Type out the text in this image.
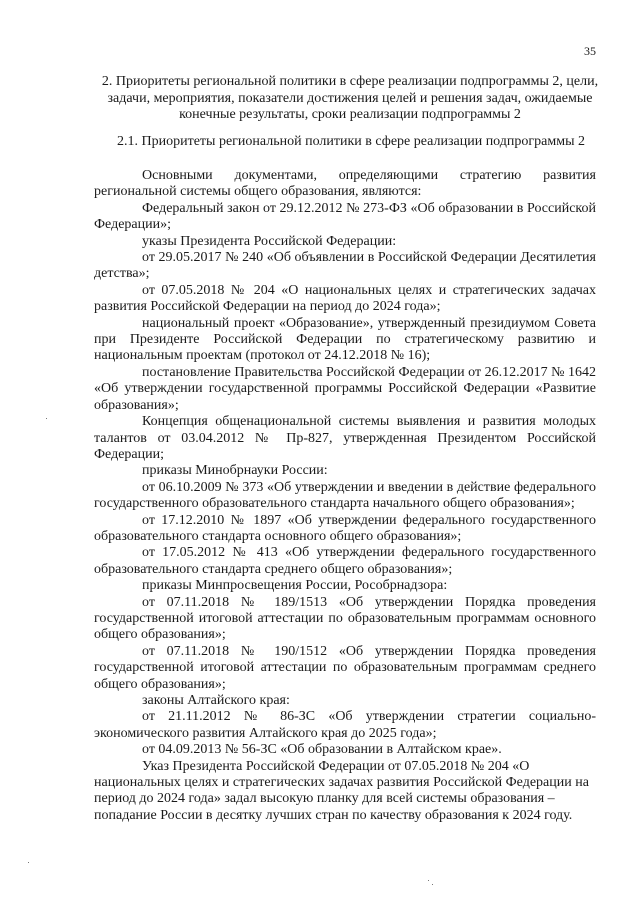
35
2. Приоритеты региональной политики в сфере реализации подпрограммы 2, цели, задачи, мероприятия, показатели достижения целей и решения задач, ожидаемые конечные результаты, сроки реализации подпрограммы 2
2.1. Приоритеты региональной политики в сфере реализации подпрограммы 2

Основными документами, определяющими стратегию развития региональной системы общего образования, являются:

Федеральный закон от 29.12.2012 № 273-ФЗ «Об образовании в Российской Федерации»;

указы Президента Российской Федерации:

от 29.05.2017 № 240 «Об объявлении в Российской Федерации Десятилетия детства»;

от 07.05.2018 № 204 «О национальных целях и стратегических задачах развития Российской Федерации на период до 2024 года»;

национальный проект «Образование», утвержденный президиумом Совета при Президенте Российской Федерации по стратегическому развитию и национальным проектам (протокол от 24.12.2018 № 16);

постановление Правительства Российской Федерации от 26.12.2017 № 1642 «Об утверждении государственной программы Российской Федерации «Развитие образования»;

Концепция общенациональной системы выявления и развития молодых талантов от 03.04.2012 № Пр-827, утвержденная Президентом Российской Федерации;

приказы Минобрнауки России:

от 06.10.2009 № 373 «Об утверждении и введении в действие федерального государственного образовательного стандарта начального общего образования»;

от 17.12.2010 № 1897 «Об утверждении федерального государственного образовательного стандарта основного общего образования»;

от 17.05.2012 № 413 «Об утверждении федерального государственного образовательного стандарта среднего общего образования»;

приказы Минпросвещения России, Рособрнадзора:

от 07.11.2018 № 189/1513 «Об утверждении Порядка проведения государственной итоговой аттестации по образовательным программам основного общего образования»;

от 07.11.2018 № 190/1512 «Об утверждении Порядка проведения государственной итоговой аттестации по образовательным программам среднего общего образования»;

законы Алтайского края:

от 21.11.2012 № 86-ЗС «Об утверждении стратегии социально-экономического развития Алтайского края до 2025 года»;

от 04.09.2013 № 56-ЗС «Об образовании в Алтайском крае».

Указ Президента Российской Федерации от 07.05.2018 № 204 «О национальных целях и стратегических задачах развития Российской Федерации на период до 2024 года» задал высокую планку для всей системы образования – попадание России в десятку лучших стран по качеству образования к 2024 году.
